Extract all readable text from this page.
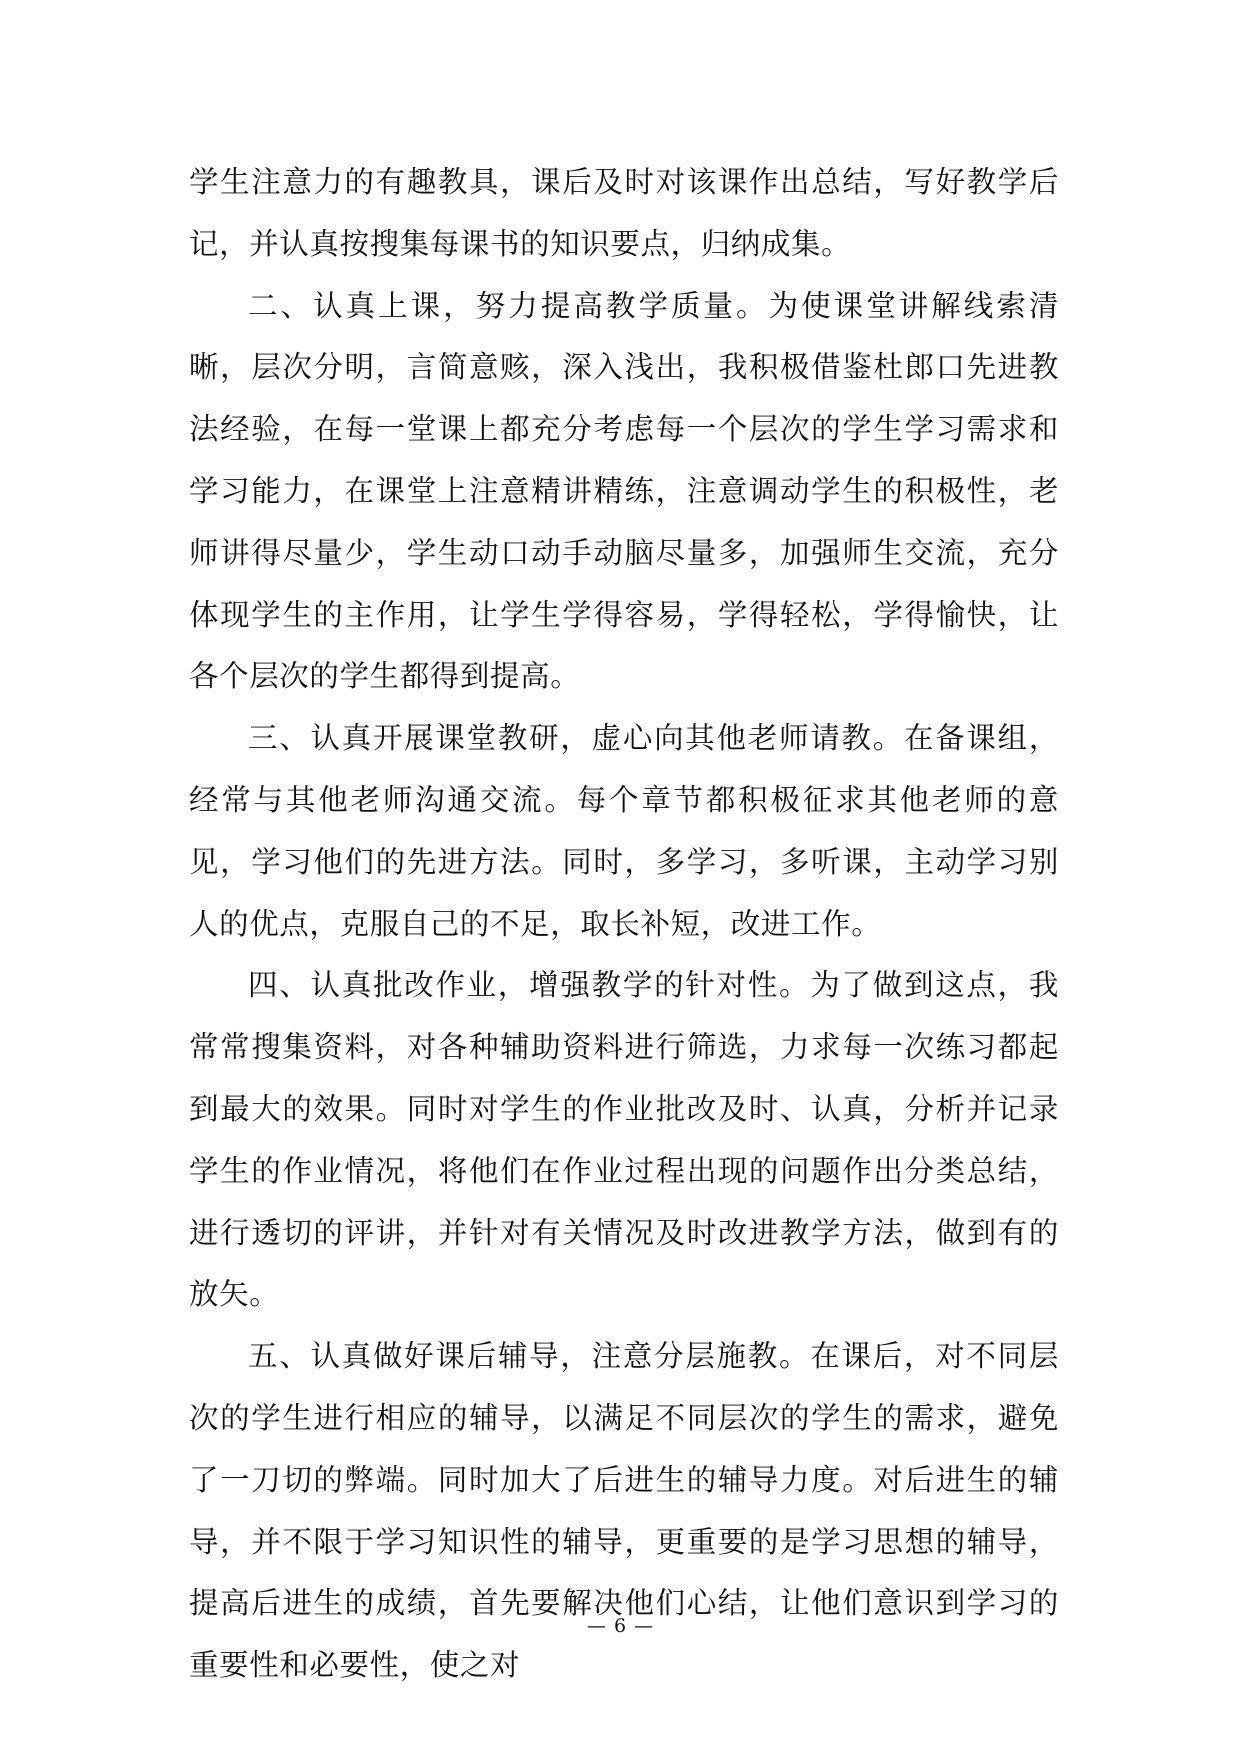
学生注意力的有趣教具，课后及时对该课作出总结，写好教学后记，并认真按搜集每课书的知识要点，归纳成集。

二、认真上课，努力提高教学质量。为使课堂讲解线索清晰，层次分明，言简意赅，深入浅出，我积极借鉴杜郎口先进教法经验，在每一堂课上都充分考虑每一个层次的学生学习需求和学习能力，在课堂上注意精讲精练，注意调动学生的积极性，老师讲得尽量少，学生动口动手动脑尽量多，加强师生交流，充分体现学生的主作用，让学生学得容易，学得轻松，学得愉快，让各个层次的学生都得到提高。

三、认真开展课堂教研，虚心向其他老师请教。在备课组，经常与其他老师沟通交流。每个章节都积极征求其他老师的意见，学习他们的先进方法。同时，多学习，多听课，主动学习别人的优点，克服自己的不足，取长补短，改进工作。

四、认真批改作业，增强教学的针对性。为了做到这点，我常常搜集资料，对各种辅助资料进行筛选，力求每一次练习都起到最大的效果。同时对学生的作业批改及时、认真，分析并记录学生的作业情况，将他们在作业过程出现的问题作出分类总结，进行透切的评讲，并针对有关情况及时改进教学方法，做到有的放矢。

五、认真做好课后辅导，注意分层施教。在课后，对不同层次的学生进行相应的辅导，以满足不同层次的学生的需求，避免了一刀切的弊端。同时加大了后进生的辅导力度。对后进生的辅导，并不限于学习知识性的辅导，更重要的是学习思想的辅导，提高后进生的成绩，首先要解决他们心结，让他们意识到学习的重要性和必要性，使之对

— 6 —
